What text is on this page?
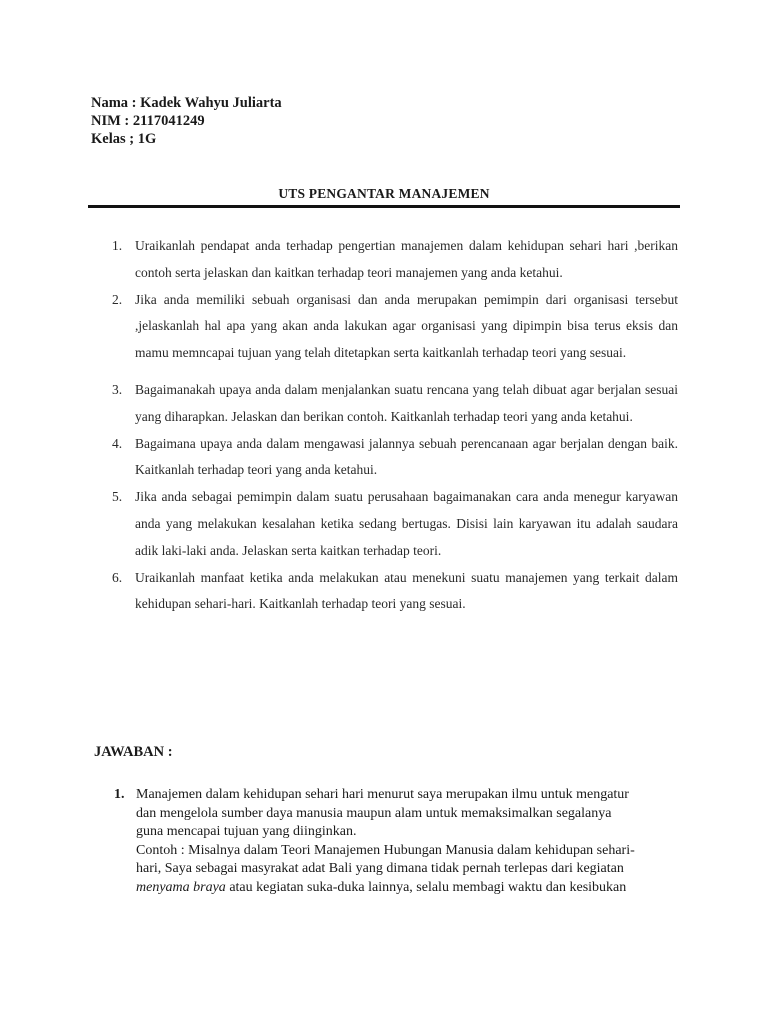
Nama : Kadek Wahyu Juliarta
NIM : 2117041249
Kelas ; 1G
UTS PENGANTAR MANAJEMEN
1. Uraikanlah pendapat anda terhadap pengertian manajemen dalam kehidupan sehari hari ,berikan contoh serta jelaskan dan kaitkan terhadap teori manajemen yang anda ketahui.
2. Jika anda memiliki sebuah organisasi dan anda merupakan pemimpin dari organisasi tersebut ,jelaskanlah hal apa yang akan anda lakukan agar organisasi yang dipimpin bisa terus eksis dan mamu memncapai tujuan yang telah ditetapkan serta kaitkanlah terhadap teori yang sesuai.
3. Bagaimanakah upaya anda dalam menjalankan suatu rencana yang telah dibuat agar berjalan sesuai yang diharapkan. Jelaskan dan berikan contoh. Kaitkanlah terhadap teori yang anda ketahui.
4. Bagaimana upaya anda dalam mengawasi jalannya sebuah perencanaan agar berjalan dengan baik. Kaitkanlah terhadap teori yang anda ketahui.
5. Jika anda sebagai pemimpin dalam suatu perusahaan bagaimanakan cara anda menegur karyawan anda yang melakukan kesalahan ketika sedang bertugas. Disisi lain karyawan itu adalah saudara adik laki-laki anda. Jelaskan serta kaitkan terhadap teori.
6. Uraikanlah manfaat ketika anda melakukan atau menekuni suatu manajemen yang terkait dalam kehidupan sehari-hari. Kaitkanlah terhadap teori yang sesuai.
JAWABAN :
1. Manajemen dalam kehidupan sehari hari menurut saya merupakan ilmu untuk mengatur

dan mengelola sumber daya manusia maupun alam untuk memaksimalkan segalanya

guna mencapai tujuan yang diinginkan.

Contoh : Misalnya dalam Teori Manajemen Hubungan Manusia dalam kehidupan sehari-

hari, Saya sebagai masyrakat adat Bali yang dimana tidak pernah terlepas dari kegiatan

menyama braya atau kegiatan suka-duka lainnya, selalu membagi waktu dan kesibukan
